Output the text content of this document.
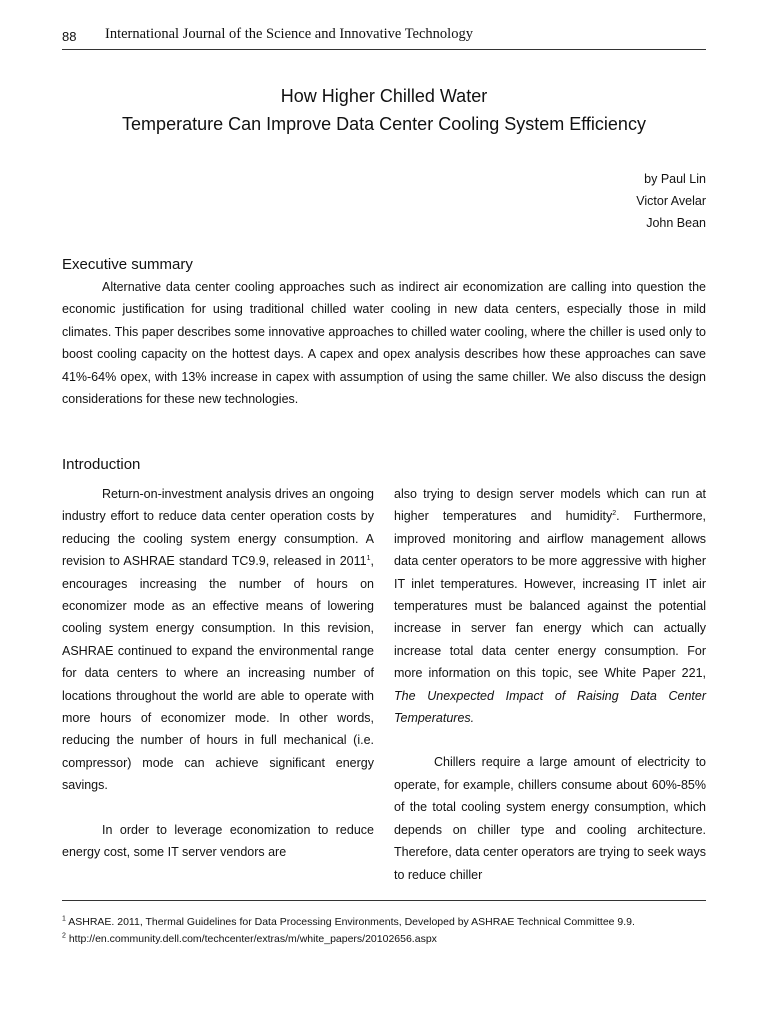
88 International Journal of the Science and Innovative Technology
How Higher Chilled Water
Temperature Can Improve Data Center Cooling System Efficiency
by Paul Lin
Victor Avelar
John Bean
Executive summary

Alternative data center cooling approaches such as indirect air economization are calling into question the economic justification for using traditional chilled water cooling in new data centers, especially those in mild climates. This paper describes some innovative approaches to chilled water cooling, where the chiller is used only to boost cooling capacity on the hottest days. A capex and opex analysis describes how these approaches can save 41%-64% opex, with 13% increase in capex with assumption of using the same chiller. We also discuss the design considerations for these new technologies.

Introduction

Return-on-investment analysis drives an ongoing industry effort to reduce data center operation costs by reducing the cooling system energy consumption. A revision to ASHRAE standard TC9.9, released in 2011$^1$, encourages increasing the number of hours on economizer mode as an effective means of lowering cooling system energy consumption. In this revision, ASHRAE continued to expand the environmental range for data centers to where an increasing number of locations throughout the world are able to operate with more hours of economizer mode. In other words, reducing the number of hours in full mechanical (i.e. compressor) mode can achieve significant energy savings.

In order to leverage economization to reduce energy cost, some IT server vendors are

also trying to design server models which can run at higher temperatures and humidity$^2$. Furthermore, improved monitoring and airflow management allows data center operators to be more aggressive with higher IT inlet temperatures. However, increasing IT inlet air temperatures must be balanced against the potential increase in server fan energy which can actually increase total data center energy consumption. For more information on this topic, see White Paper 221, The Unexpected Impact of Raising Data Center Temperatures.

Chillers require a large amount of electricity to operate, for example, chillers consume about 60%-85% of the total cooling system energy consumption, which depends on chiller type and cooling architecture. Therefore, data center operators are trying to seek ways to reduce chiller

$^1$ ASHRAE. 2011, Thermal Guidelines for Data Processing Environments, Developed by ASHRAE Technical Committee 9.9.
$^2$ http://en.community.dell.com/techcenter/extras/m/white_papers/20102656.aspx
